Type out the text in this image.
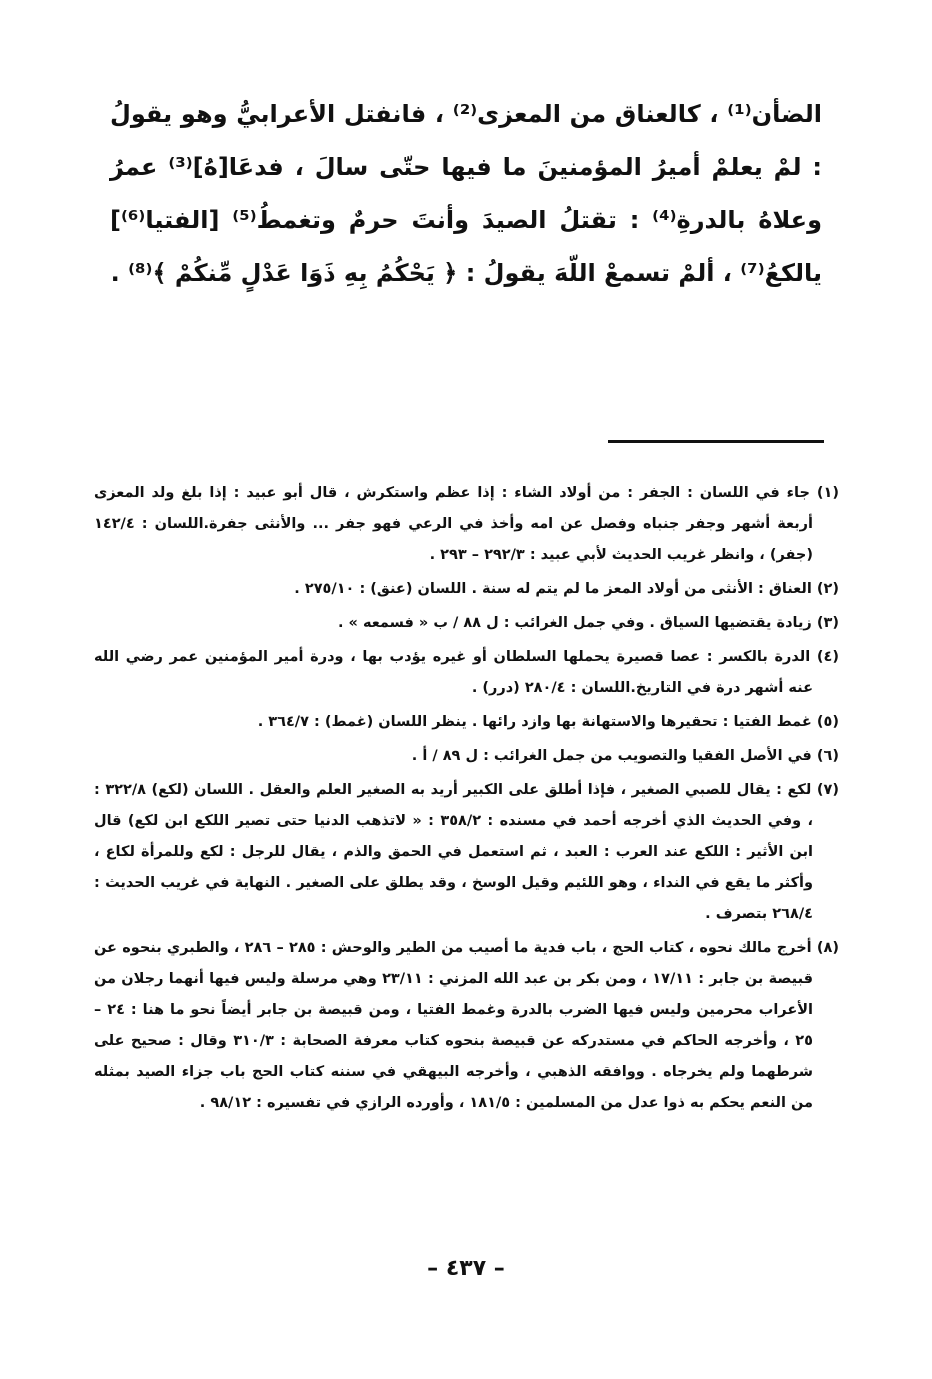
الضأن⁽¹⁾ ، كالعناق من المعزى⁽²⁾ ، فانفتل الأعرابيُّ وهو يقولُ : لمْ يعلمْ أميرُ المؤمنينَ ما فيها حتّى سالَ ، فدعَا[هُ]⁽³⁾ عمرُ وعلاهُ بالدرةِ⁽⁴⁾ : تقتلُ الصيدَ وأنتَ حرمٌ وتغمطُ⁽⁵⁾ [الفتيا⁽⁶⁾] يالكعُ⁽⁷⁾ ، ألمْ تسمعْ اللّهَ يقولُ : ﴿ يَحْكُمُ بِهِ ذَوَا عَدْلٍ مِّنكُمْ ﴾⁽⁸⁾ .

(١) جاء في اللسان : الجفر : من أولاد الشاء : إذا عظم واستكرش ، قال أبو عبيد : إذا بلغ ولد المعزى أربعة أشهر وجفر جنباه وفصل عن امه وأخذ في الرعي فهو جفر ... والأنثى جفرة.اللسان : ١٤٢/٤ (جفر) ، وانظر غريب الحديث لأبي عبيد : ٢٩٢/٣ – ٢٩٣ .

(٢) العناق : الأنثى من أولاد المعز ما لم يتم له سنة . اللسان (عنق) : ٢٧٥/١٠ .

(٣) زيادة يقتضيها السياق . وفي جمل الغرائب : ل ٨٨ / ب « فسمعه » .

(٤) الدرة بالكسر : عصا قصيرة يحملها السلطان أو غيره يؤدب بها ، ودرة أمير المؤمنين عمر رضي الله عنه أشهر درة في التاريخ.اللسان : ٢٨٠/٤ (درر) .

(٥) غمط الفتيا : تحقيرها والاستهانة بها وازد رائها . ينظر اللسان (غمط) : ٣٦٤/٧ .

(٦) في الأصل الفقيا والتصويب من جمل الغرائب : ل ٨٩ / أ .

(٧) لكع : يقال للصبي الصغير ، فإذا أطلق على الكبير أريد به الصغير العلم والعقل . اللسان (لكع) ٣٢٢/٨ : ، وفي الحديث الذي أخرجه أحمد في مسنده : ٣٥٨/٢ : « لاتذهب الدنيا حتى تصير اللكع ابن لكع) قال ابن الأثير : اللكع عند العرب : العبد ، ثم استعمل في الحمق والذم ، يقال للرجل : لكع وللمرأة لكاع ، وأكثر ما يقع في النداء ، وهو اللئيم وقيل الوسخ ، وقد يطلق على الصغير . النهاية في غريب الحديث : ٢٦٨/٤ بتصرف .

(٨) أخرج مالك نحوه ، كتاب الحج ، باب فدية ما أصيب من الطير والوحش : ٢٨٥ – ٢٨٦ ، والطبري بنحوه عن قبيصة بن جابر : ١٧/١١ ، ومن بكر بن عبد الله المزني : ٢٣/١١ وهي مرسلة وليس فيها أنهما رجلان من الأعراب محرمين وليس فيها الضرب بالدرة وغمط الفتيا ، ومن قبيصة بن جابر أيضاً نحو ما هنا : ٢٤ – ٢٥ ، وأخرجه الحاكم في مستدركه عن قبيصة بنحوه كتاب معرفة الصحابة : ٣١٠/٣ وقال : صحيح على شرطهما ولم يخرجاه . ووافقه الذهبي ، وأخرجه البيهقي في سننه كتاب الحج باب جزاء الصيد بمثله من النعم يحكم به ذوا عدل من المسلمين : ١٨١/٥ ، وأورده الرازي في تفسيره : ٩٨/١٢ .

– ٤٣٧ –
